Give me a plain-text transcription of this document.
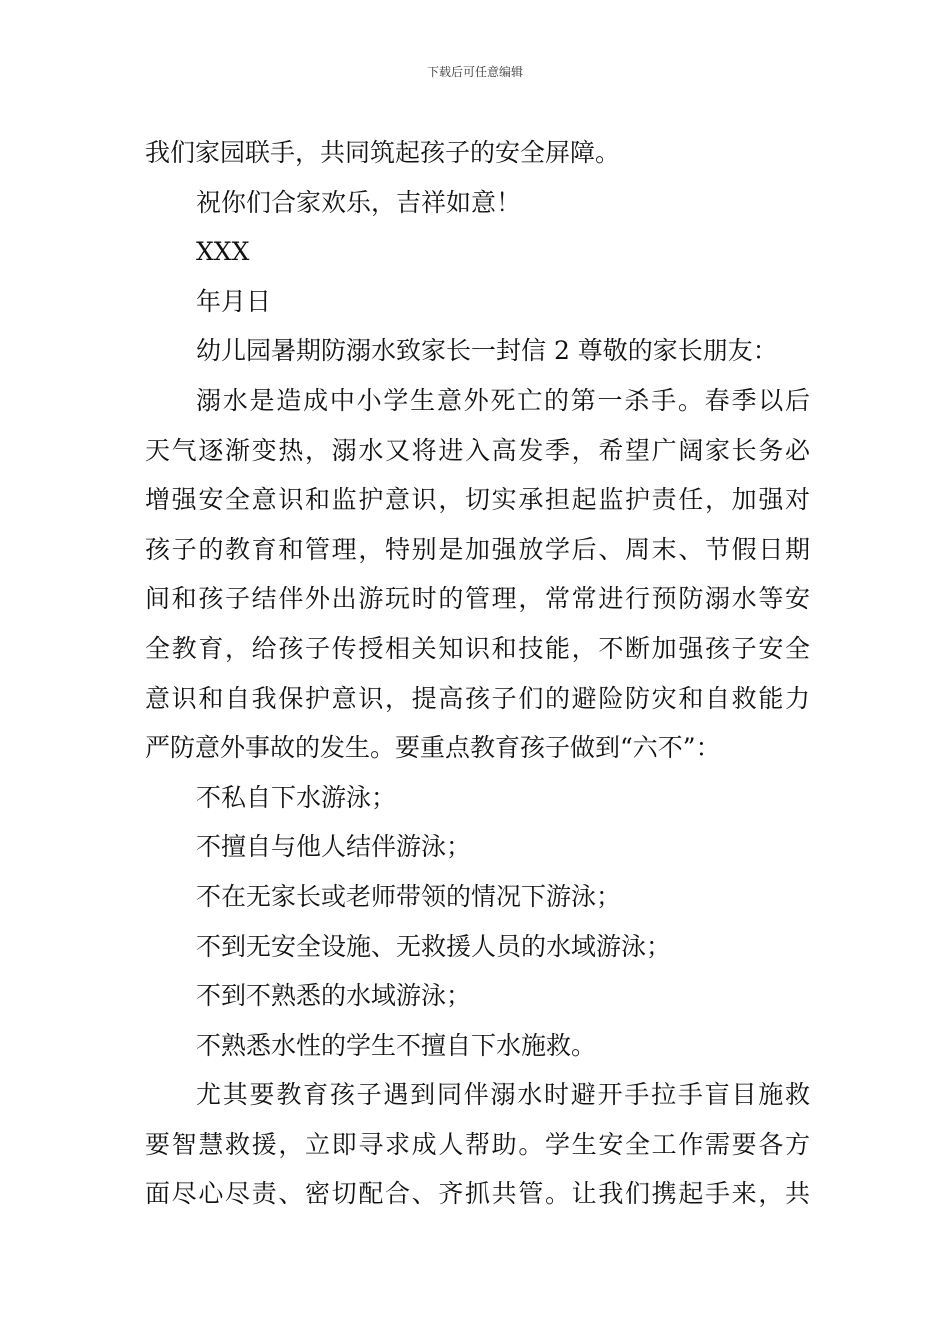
下载后可任意编辑
我们家园联手，共同筑起孩子的安全屏障。
祝你们合家欢乐，吉祥如意！
XXX
年月日
幼儿园暑期防溺水致家长一封信 2 尊敬的家长朋友：
溺水是造成中小学生意外死亡的第一杀手。春季以后
天气逐渐变热，溺水又将进入高发季，希望广阔家长务必
增强安全意识和监护意识，切实承担起监护责任，加强对
孩子的教育和管理，特别是加强放学后、周末、节假日期
间和孩子结伴外出游玩时的管理，常常进行预防溺水等安
全教育，给孩子传授相关知识和技能，不断加强孩子安全
意识和自我保护意识，提高孩子们的避险防灾和自救能力
严防意外事故的发生。要重点教育孩子做到“六不”：
不私自下水游泳；
不擅自与他人结伴游泳；
不在无家长或老师带领的情况下游泳；
不到无安全设施、无救援人员的水域游泳；
不到不熟悉的水域游泳；
不熟悉水性的学生不擅自下水施救。
尤其要教育孩子遇到同伴溺水时避开手拉手盲目施救
要智慧救援，立即寻求成人帮助。学生安全工作需要各方
面尽心尽责、密切配合、齐抓共管。让我们携起手来，共
